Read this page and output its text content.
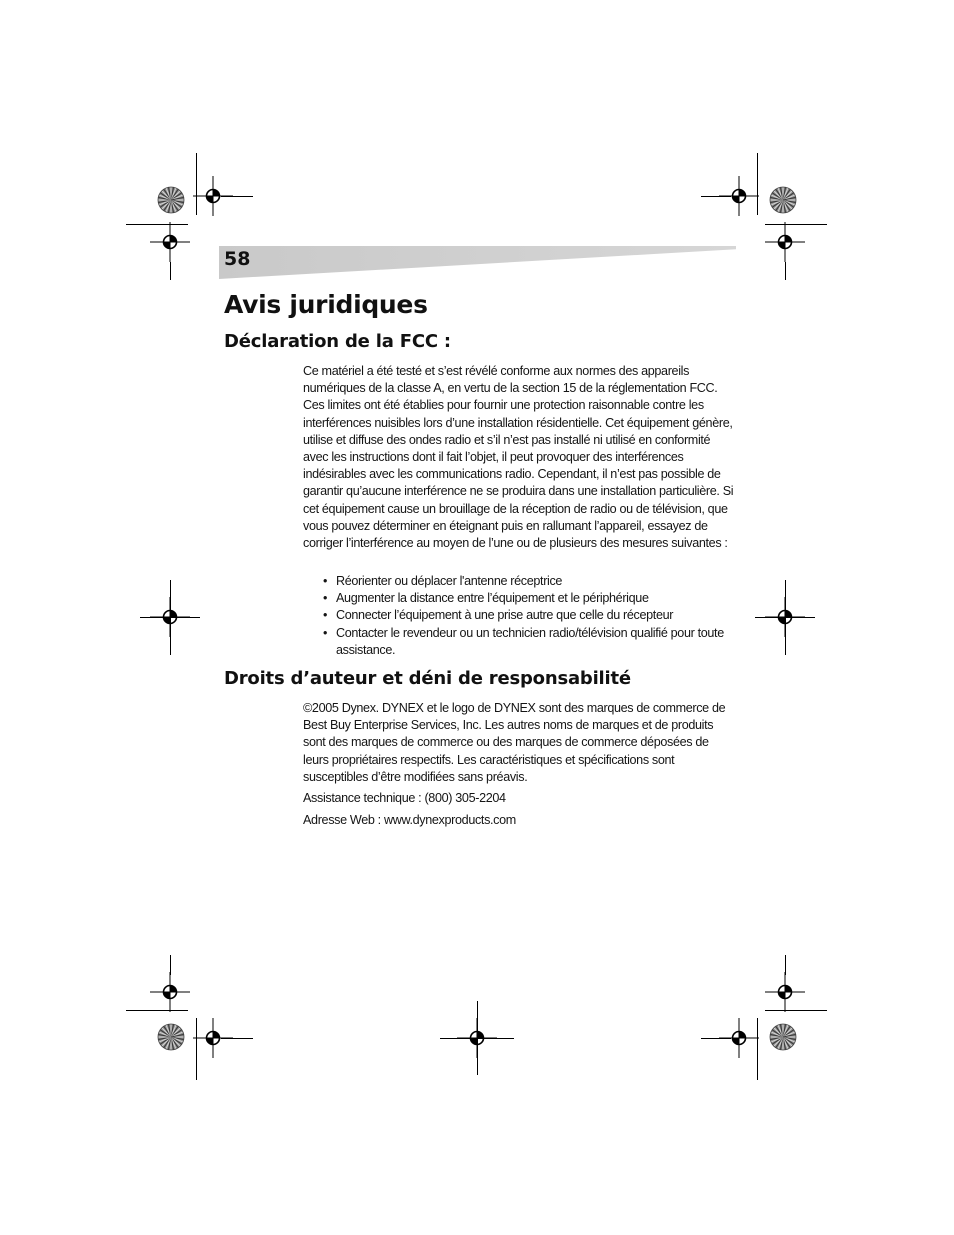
58
Avis juridiques
Déclaration de la FCC :

Ce matériel a été testé et s’est révélé conforme aux normes des appareils numériques de la classe A, en vertu de la section 15 de la réglementation FCC. Ces limites ont été établies pour fournir une protection raisonnable contre les interférences nuisibles lors d’une installation résidentielle. Cet équipement génère, utilise et diffuse des ondes radio et s’il n’est pas installé ni utilisé en conformité avec les instructions dont il fait l’objet, il peut provoquer des interférences indésirables avec les communications radio. Cependant, il n’est pas possible de garantir qu’aucune interférence ne se produira dans une installation particulière. Si cet équipement cause un brouillage de la réception de radio ou de télévision, que vous pouvez déterminer en éteignant puis en rallumant l’appareil, essayez de corriger l’interférence au moyen de l’une ou de plusieurs des mesures suivantes :

• Réorienter ou déplacer l'antenne réceptrice
• Augmenter la distance entre l’équipement et le périphérique
• Connecter l’équipement à une prise autre que celle du récepteur
• Contacter le revendeur ou un technicien radio/télévision qualifié pour toute assistance.
Droits d’auteur et déni de responsabilité

©2005 Dynex. DYNEX et le logo de DYNEX sont des marques de commerce de Best Buy Enterprise Services, Inc. Les autres noms de marques et de produits sont des marques de commerce ou des marques de commerce déposées de leurs propriétaires respectifs. Les caractéristiques et spécifications sont susceptibles d’être modifiées sans préavis.

Assistance technique : (800) 305-2204

Adresse Web : www.dynexproducts.com
